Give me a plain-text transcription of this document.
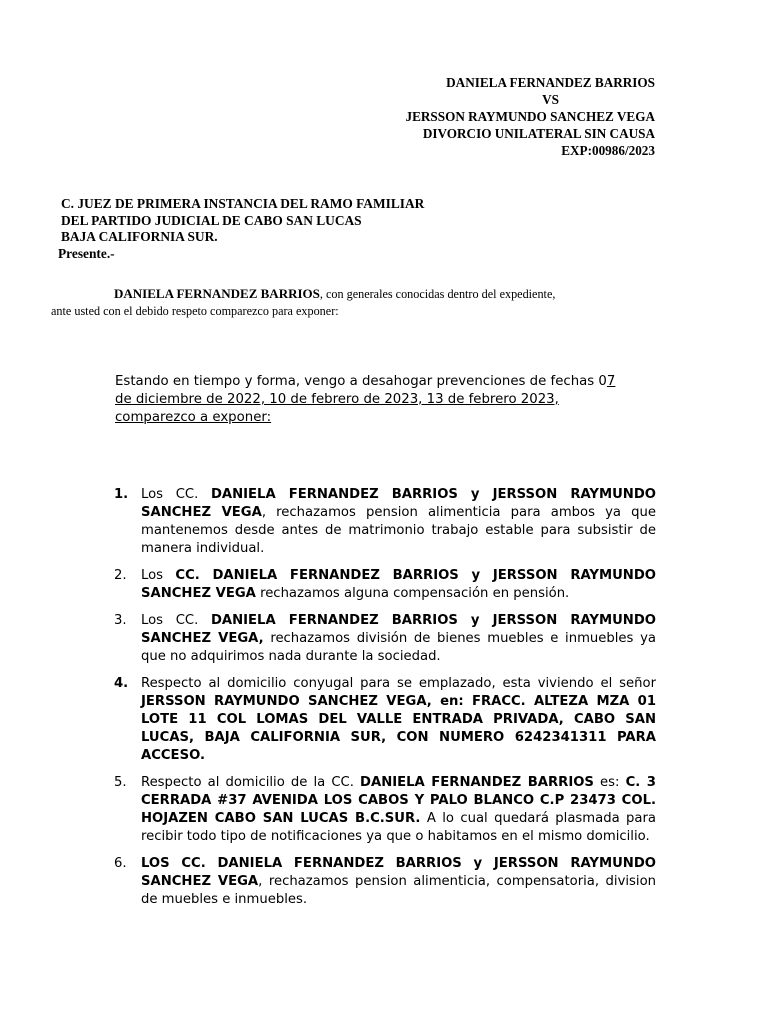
DANIELA FERNANDEZ BARRIOS
VS
JERSSON RAYMUNDO SANCHEZ VEGA
DIVORCIO UNILATERAL SIN CAUSA
EXP:00986/2023
C. JUEZ DE PRIMERA INSTANCIA DEL RAMO FAMILIAR
DEL PARTIDO JUDICIAL DE CABO SAN LUCAS
BAJA CALIFORNIA SUR.
Presente.-
DANIELA FERNANDEZ BARRIOS, con generales conocidas dentro del expediente,
ante usted con el debido respeto comparezco para exponer:
Estando en tiempo y forma, vengo a desahogar prevenciones de fechas 07
de diciembre de 2022, 10 de febrero de 2023, 13 de febrero 2023,
comparezco a exponer:
1. Los CC. DANIELA FERNANDEZ BARRIOS y JERSSON RAYMUNDO SANCHEZ VEGA, rechazamos pension alimenticia para ambos ya que mantenemos desde antes de matrimonio trabajo estable para subsistir de manera individual.
2. Los CC. DANIELA FERNANDEZ BARRIOS y JERSSON RAYMUNDO SANCHEZ VEGA rechazamos alguna compensación en pensión.
3. Los CC. DANIELA FERNANDEZ BARRIOS y JERSSON RAYMUNDO SANCHEZ VEGA, rechazamos división de bienes muebles e inmuebles ya que no adquirimos nada durante la sociedad.
4. Respecto al domicilio conyugal para se emplazado, esta viviendo el señor JERSSON RAYMUNDO SANCHEZ VEGA, en: FRACC. ALTEZA MZA 01 LOTE 11 COL LOMAS DEL VALLE ENTRADA PRIVADA, CABO SAN LUCAS, BAJA CALIFORNIA SUR, CON NUMERO 6242341311 PARA ACCESO.
5. Respecto al domicilio de la CC. DANIELA FERNANDEZ BARRIOS es: C. 3 CERRADA #37 AVENIDA LOS CABOS Y PALO BLANCO C.P 23473 COL. HOJAZEN CABO SAN LUCAS B.C.SUR. A lo cual quedará plasmada para recibir todo tipo de notificaciones ya que o habitamos en el mismo domicilio.
6. LOS CC. DANIELA FERNANDEZ BARRIOS y JERSSON RAYMUNDO SANCHEZ VEGA, rechazamos pension alimenticia, compensatoria, division de muebles e inmuebles.
